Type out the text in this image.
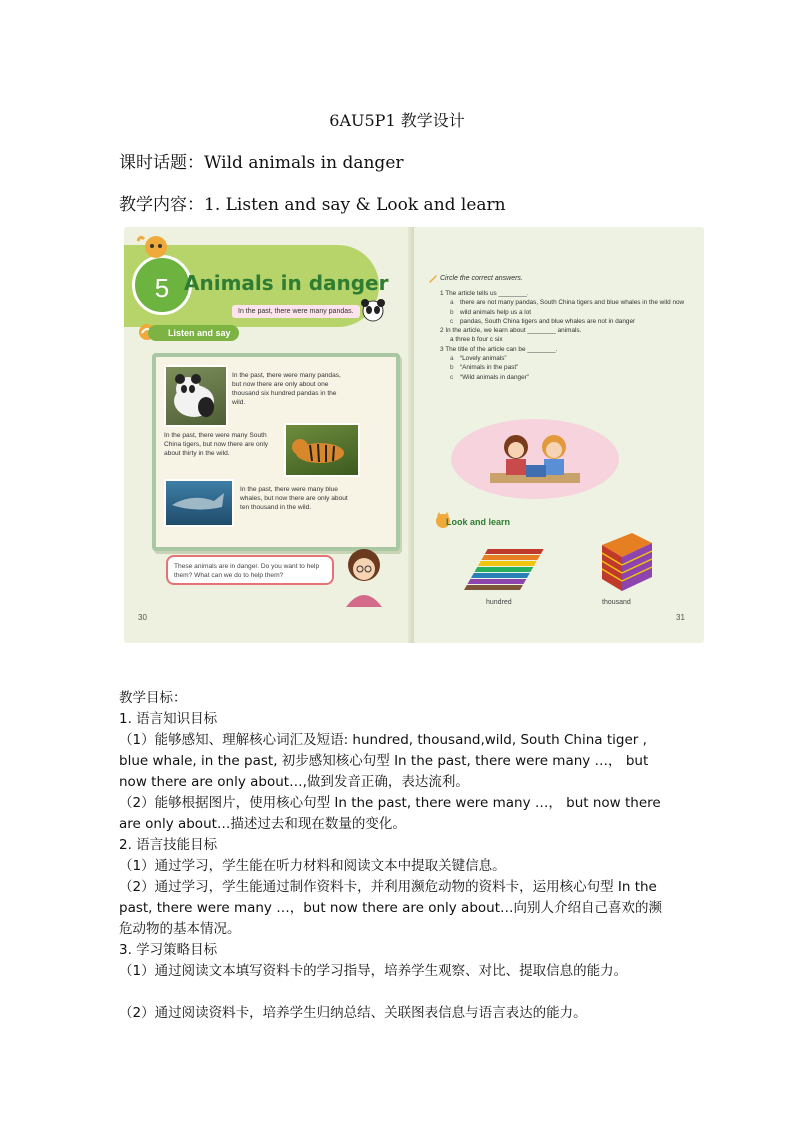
6AU5P1 教学设计
课时话题：Wild animals in danger
教学内容：1. Listen and say & Look and learn
5 Animals in danger
In the past, there were many pandas.
Listen and say
In the past, there were many pandas, but now there are only about one thousand six hundred pandas in the wild.
In the past, there were many South China tigers, but now there are only about thirty in the wild.
In the past, there were many blue whales, but now there are only about ten thousand in the wild.
These animals are in danger. Do you want to help them? What can we do to help them?
30
Circle the correct answers.
1 The article tells us ________.
a there are not many pandas, South China tigers and blue whales in the wild now
b wild animals help us a lot
c pandas, South China tigers and blue whales are not in danger
2 In the article, we learn about ________ animals.
a three b four c six
3 The title of the article can be ________.
a “Lovely animals”
b “Animals in the past”
c “Wild animals in danger”
Look and learn
hundred	thousand
31
教学目标：
1. 语言知识目标
（1）能够感知、理解核心词汇及短语: hundred, thousand,wild, South China tiger , blue whale, in the past, 初步感知核心句型 In the past, there were many …， but now there are only about…,做到发音正确，表达流利。
（2）能够根据图片，使用核心句型 In the past, there were many …， but now there are only about…描述过去和现在数量的变化。
2. 语言技能目标
（1）通过学习，学生能在听力材料和阅读文本中提取关键信息。
（2）通过学习，学生能通过制作资料卡，并利用濒危动物的资料卡，运用核心句型 In the past, there were many …，but now there are only about…向别人介绍自己喜欢的濒危动物的基本情况。
3. 学习策略目标
（1）通过阅读文本填写资料卡的学习指导，培养学生观察、对比、提取信息的能力。
（2）通过阅读资料卡，培养学生归纳总结、关联图表信息与语言表达的能力。
